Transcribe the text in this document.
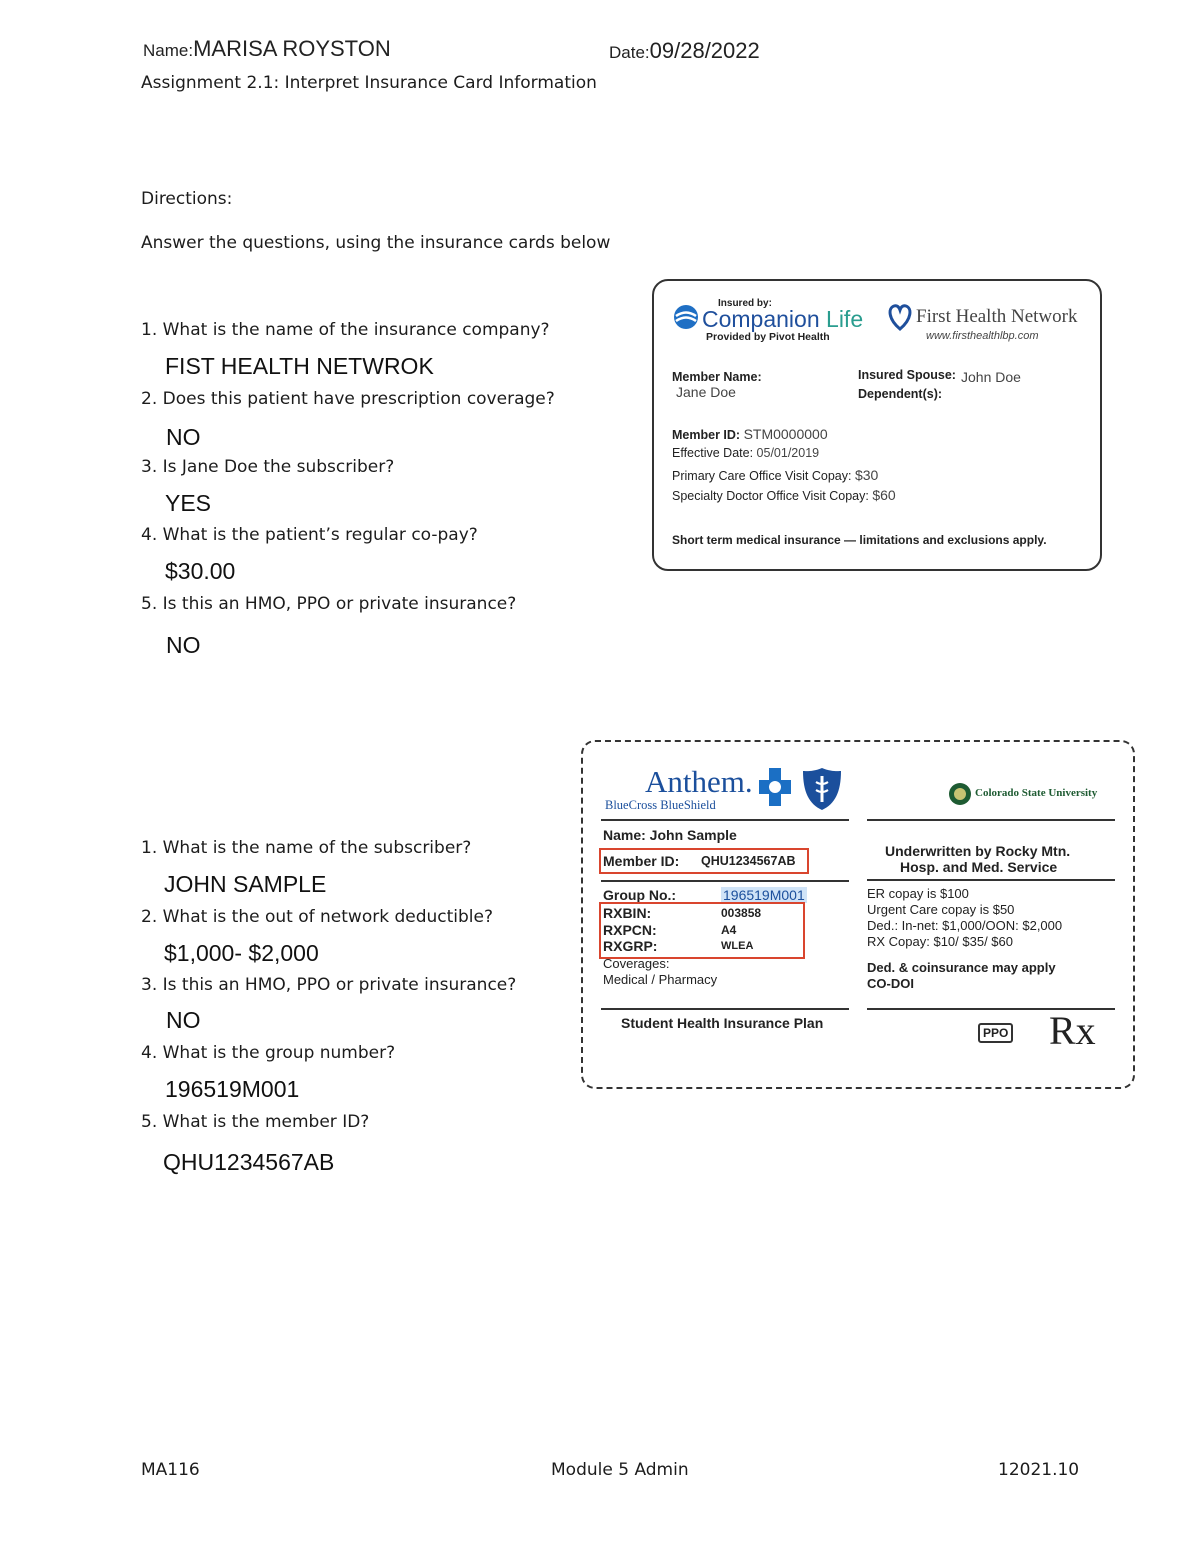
Name:MARISA ROYSTON	Date:09/28/2022
Assignment 2.1: Interpret Insurance Card Information
Directions:
Answer the questions, using the insurance cards below
1. What is the name of the insurance company?
FIST HEALTH NETWROK
2. Does this patient have prescription coverage?
NO
3. Is Jane Doe the subscriber?
YES
4. What is the patient’s regular co-pay?
$30.00
5. Is this an HMO, PPO or private insurance?
NO
Insured by:
Companion Life
Provided by Pivot Health
First Health Network
www.firsthealthlbp.com
Member Name:
Jane Doe
Insured Spouse: John Doe
Dependent(s):
Member ID: STM0000000
Effective Date: 05/01/2019
Primary Care Office Visit Copay: $30
Specialty Doctor Office Visit Copay: $60
Short term medical insurance — limitations and exclusions apply.
1. What is the name of the subscriber?
JOHN SAMPLE
2. What is the out of network deductible?
$1,000- $2,000
3. Is this an HMO, PPO or private insurance?
NO
4. What is the group number?
196519M001
5. What is the member ID?
QHU1234567AB
Anthem.
BlueCross BlueShield
Colorado State University
Name: John Sample
Member ID: QHU1234567AB
Group No.:	196519M001
RXBIN:	003858
RXPCN:	A4
RXGRP:	WLEA
Coverages:
Medical / Pharmacy
Underwritten by Rocky Mtn.
Hosp. and Med. Service
ER copay is $100
Urgent Care copay is $50
Ded.: In-net: $1,000/OON: $2,000
RX Copay: $10/ $35/ $60
Ded. & coinsurance may apply
CO-DOI
Student Health Insurance Plan
PPO Rx
MA116	Module 5 Admin	12021.10
